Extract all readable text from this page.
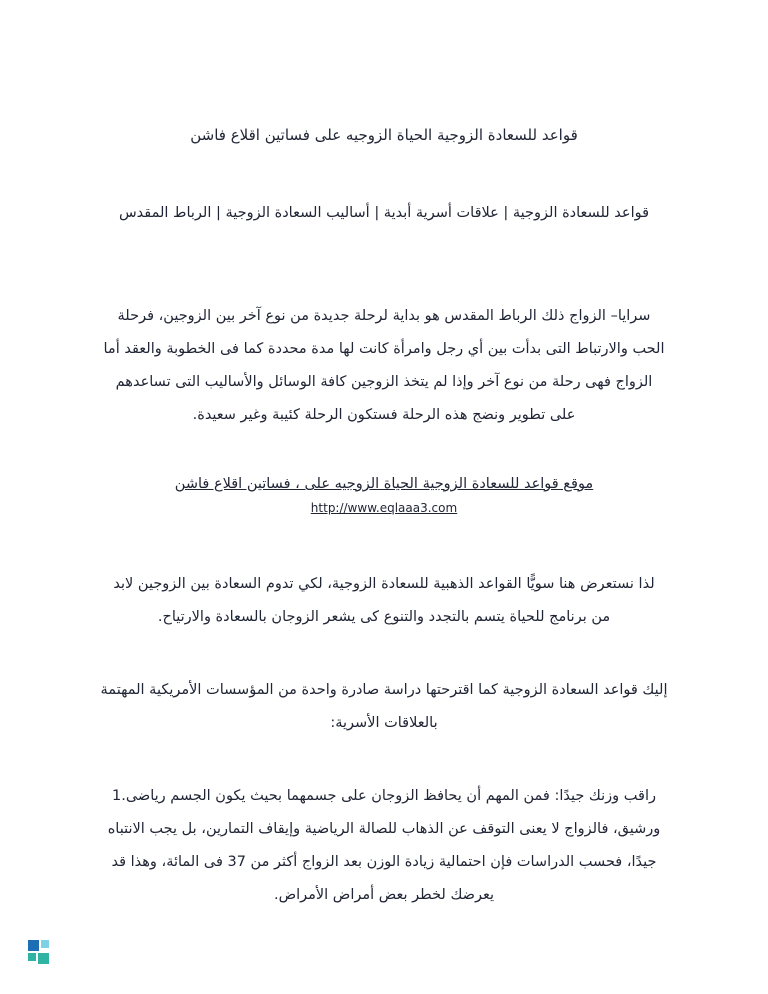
قواعد للسعادة الزوجية الحياة الزوجيه على فساتين اقلاع فاشن
قواعد للسعادة الزوجية | علاقات أسرية أبدية | أساليب السعادة الزوجية | الرباط المقدس
سرايا– الزواج ذلك الرباط المقدس هو بداية لرحلة جديدة من نوع آخر بين الزوجين، فرحلة
الحب والارتباط التى بدأت بين أي رجل وامرأة كانت لها مدة محددة كما فى الخطوبة والعقد أما
الزواج فهى رحلة من نوع آخر وإذا لم يتخذ الزوجين كافة الوسائل والأساليب التى تساعدهم
على تطوير ونضج هذه الرحلة فستكون الرحلة كئيبة وغير سعيدة.
موقع قواعد للسعادة الزوجية الحياة الزوجيه على ، فساتين اقلاع فاشن
http://www.eqlaaa3.com
لذا نستعرض هنا سويًّا القواعد الذهبية للسعادة الزوجية، لكي تدوم السعادة بين الزوجين لابد
من برنامج للحياة يتسم بالتجدد والتنوع كى يشعر الزوجان بالسعادة والارتياح.
إليك قواعد السعادة الزوجية كما اقترحتها دراسة صادرة واحدة من المؤسسات الأمريكية المهتمة
بالعلاقات الأسرية:
راقب وزنك جيدًا: فمن المهم أن يحافظ الزوجان على جسمهما بحيث يكون الجسم رياضى.1
ورشيق، فالزواج لا يعنى التوقف عن الذهاب للصالة الرياضية وإيقاف التمارين، بل يجب الانتباه
جيدًا، فحسب الدراسات فإن احتمالية زيادة الوزن بعد الزواج أكثر من 37 فى المائة، وهذا قد
يعرضك لخطر بعض أمراض الأمراض.
